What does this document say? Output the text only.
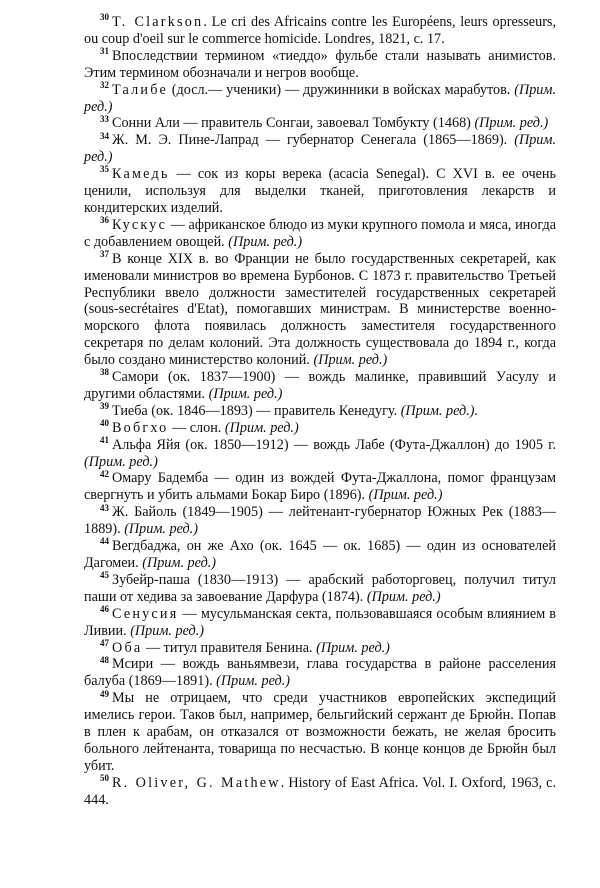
$^{30}$ T. Clarkson. Le cri des Africains contre les Européens, leurs opresseurs, ou coup d'oeil sur le commerce homicide. Londres, 1821, c. 17.

$^{31}$ Впоследствии термином «тиеддо» фульбе стали называть анимистов. Этим термином обозначали и негров вообще.

$^{32}$ Талибе (досл.— ученики) — дружинники в войсках марабутов. (Прим. ред.)

$^{33}$ Сонни Али — правитель Сонгаи, завоевал Томбукту (1468) (Прим. ред.)

$^{34}$ Ж. М. Э. Пине-Лапрад — губернатор Сенегала (1865—1869). (Прим. ред.)

$^{35}$ Камедь — сок из коры верека (acacia Senegal). С XVI в. ее очень ценили, используя для выделки тканей, приготовления лекарств и кондитерских изделий.

$^{36}$ Кускус — африканское блюдо из муки крупного помола и мяса, иногда с добавлением овощей. (Прим. ред.)

$^{37}$ В конце XIX в. во Франции не было государственных секретарей, как именовали министров во времена Бурбонов. С 1873 г. правительство Третьей Республики ввело должности заместителей государственных секретарей (sous-secrétaires d'Etat), помогавших министрам. В министерстве военно-морского флота появилась должность заместителя государственного секретаря по делам колоний. Эта должность существовала до 1894 г., когда было создано министерство колоний. (Прим. ред.)

$^{38}$ Самори (ок. 1837—1900) — вождь малинке, правивший Уасулу и другими областями. (Прим. ред.)

$^{39}$ Тиеба (ок. 1846—1893) — правитель Кенедугу. (Прим. ред.).

$^{40}$ Вобгхо — слон. (Прим. ред.)

$^{41}$ Альфа Яйя (ок. 1850—1912) — вождь Лабе (Фута-Джаллон) до 1905 г. (Прим. ред.)

$^{42}$ Омару Бадемба — один из вождей Фута-Джаллона, помог французам свергнуть и убить альмами Бокар Биро (1896). (Прим. ред.)

$^{43}$ Ж. Байоль (1849—1905) — лейтенант-губернатор Южных Рек (1883—1889). (Прим. ред.)

$^{44}$ Вегдбаджа, он же Ахо (ок. 1645 — ок. 1685) — один из основателей Дагомеи. (Прим. ред.)

$^{45}$ Зубейр-паша (1830—1913) — арабский работорговец, получил титул паши от хедива за завоевание Дарфура (1874). (Прим. ред.)

$^{46}$ Сенусия — мусульманская секта, пользовавшаяся особым влиянием в Ливии. (Прим. ред.)

$^{47}$ Оба — титул правителя Бенина. (Прим. ред.)

$^{48}$ Мсири — вождь ваньямвези, глава государства в районе расселения балуба (1869—1891). (Прим. ред.)

$^{49}$ Мы не отрицаем, что среди участников европейских экспедиций имелись герои. Таков был, например, бельгийский сержант де Брюйн. Попав в плен к арабам, он отказался от возможности бежать, не желая бросить больного лейтенанта, товарища по несчастью. В конце концов де Брюйн был убит.

$^{50}$ R. Oliver, G. Mathew. History of East Africa. Vol. I. Oxford, 1963, c. 444.
